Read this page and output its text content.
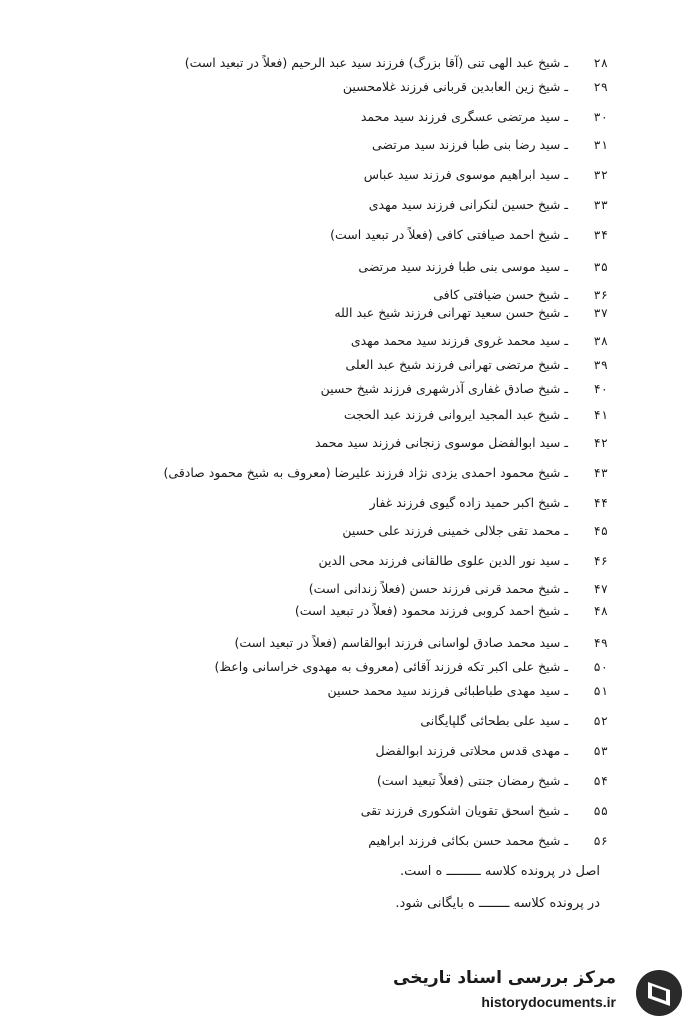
۲۸ ـ شیخ عبد الهی تنی (آقا بزرگ) فرزند سید عبد الرحیم (فعلاً در تبعید است)
۲۹ ـ شیخ زین العابدین قربانی فرزند غلامحسین
۳۰ ـ سید مرتضی عسگری فرزند سید محمد
۳۱ ـ سید رضا بنی طبا فرزند سید مرتضی
۳۲ ـ سید ابراهیم موسوی فرزند سید عباس
۳۳ ـ شیخ حسین لنکرانی فرزند سید مهدی
۳۴ ـ شیخ احمد صیافتی کافی (فعلاً در تبعید است)
۳۵ ـ سید موسی بنی طبا فرزند سید مرتضی
۳۶ ـ شیخ حسن ضیافتی کافی
۳۷ ـ شیخ حسن سعید تهرانی فرزند شیخ عبد الله
۳۸ ـ سید محمد غروی فرزند سید محمد مهدی
۳۹ ـ شیخ مرتضی تهرانی فرزند شیخ عبد العلی
۴۰ ـ شیخ صادق غفاری آذرشهری فرزند شیخ حسین
۴۱ ـ شیخ عبد المجید ایروانی فرزند عبد الحجت
۴۲ ـ سید ابوالفضل موسوی زنجانی فرزند سید محمد
۴۳ ـ شیخ محمود احمدی یزدی نژاد فرزند علیرضا (معروف به شیخ محمود صادقی)
۴۴ ـ شیخ اکبر حمید زاده گیوی فرزند غفار
۴۵ ـ محمد تقی جلالی خمینی فرزند علی حسین
۴۶ ـ سید نور الدین علوی طالقانی فرزند محی الدین
۴۷ ـ شیخ محمد قرنی فرزند حسن (فعلاً زندانی است)
۴۸ ـ شیخ احمد کروبی فرزند محمود (فعلاً در تبعید است)
۴۹ ـ سید محمد صادق لواسانی فرزند ابوالقاسم (فعلاً در تبعید است)
۵۰ ـ شیخ علی اکبر تکه فرزند آقائی (معروف به مهدوی خراسانی واعظ)
۵۱ ـ سید مهدی طباطبائی فرزند سید محمد حسین
۵۲ ـ سید علی بطحائی گلپایگانی
۵۳ ـ مهدی قدس محلاتی فرزند ابوالفضل
۵۴ ـ شیخ رمضان جنتی (فعلاً تبعید است)
۵۵ ـ شیخ اسحق تقویان اشکوری فرزند تقی
۵۶ ـ شیخ محمد حسن بکائی فرزند ابراهیم
اصل در پرونده کلاسه ـــــــــ ه است.
در پرونده کلاسه ــــــــ ه بایگانی شود.
مرکز بررسی اسناد تاریخی
historydocuments.ir
